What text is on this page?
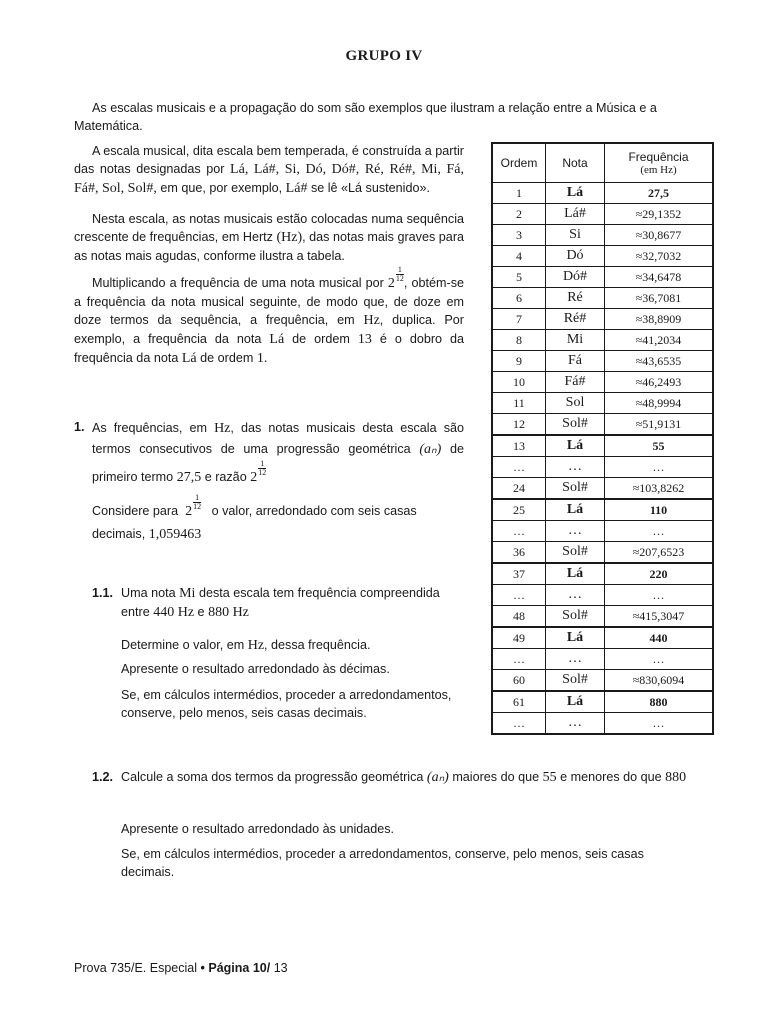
GRUPO IV
As escalas musicais e a propagação do som são exemplos que ilustram a relação entre a Música e a Matemática.
A escala musical, dita escala bem temperada, é construída a partir das notas designadas por Lá, Lá#, Si, Dó, Dó#, Ré, Ré#, Mi, Fá, Fá#, Sol, Sol#, em que, por exemplo, Lá# se lê «Lá sustenido».
Nesta escala, as notas musicais estão colocadas numa sequência crescente de frequências, em Hertz (Hz), das notas mais graves para as notas mais agudas, conforme ilustra a tabela.
Multiplicando a frequência de uma nota musical por 2
$\frac{1}{12}$ , obtém-se a frequência da nota musical seguinte, de modo que, de doze em doze termos da sequência, a frequência, em Hz, duplica. Por exemplo, a frequência da nota Lá de ordem 13 é o dobro da frequência da nota Lá de ordem 1.
1. As frequências, em Hz, das notas musicais desta escala são termos consecutivos de uma progressão geométrica (aₙ) de primeiro termo 27,5 e razão 2
$\frac{1}{12}$
Considere para 2
$\frac{1}{12}$ o valor, arredondado com seis casas decimais, 1,059463
1.1. Uma nota Mi desta escala tem frequência compreendida entre 440 Hz e 880 Hz
Determine o valor, em Hz, dessa frequência.
Apresente o resultado arredondado às décimas.
Se, em cálculos intermédios, proceder a arredondamentos, conserve, pelo menos, seis casas decimais.
1.2. Calcule a soma dos termos da progressão geométrica (aₙ) maiores do que 55 e menores do que 880
Apresente o resultado arredondado às unidades.
Se, em cálculos intermédios, proceder a arredondamentos, conserve, pelo menos, seis casas decimais.
Ordem	Nota	Frequência
(em Hz)

1	Lá	27,5
2	Lá#	≈29,1352
3	Si	≈30,8677
4	Dó	≈32,7032
5	Dó#	≈34,6478
6	Ré	≈36,7081
7	Ré#	≈38,8909
8	Mi	≈41,2034
9	Fá	≈43,6535
10	Fá#	≈46,2493
11	Sol	≈48,9994
12	Sol#	≈51,9131
13	Lá	55
…	…	…
24	Sol#	≈103,8262
25	Lá	110
…	…	…
36	Sol#	≈207,6523
37	Lá	220
…	…	…
48	Sol#	≈415,3047
49	Lá	440
…	…	…
60	Sol#	≈830,6094
61	Lá	880
…	…	…
Prova 735/E. Especial • Página 10/ 13
